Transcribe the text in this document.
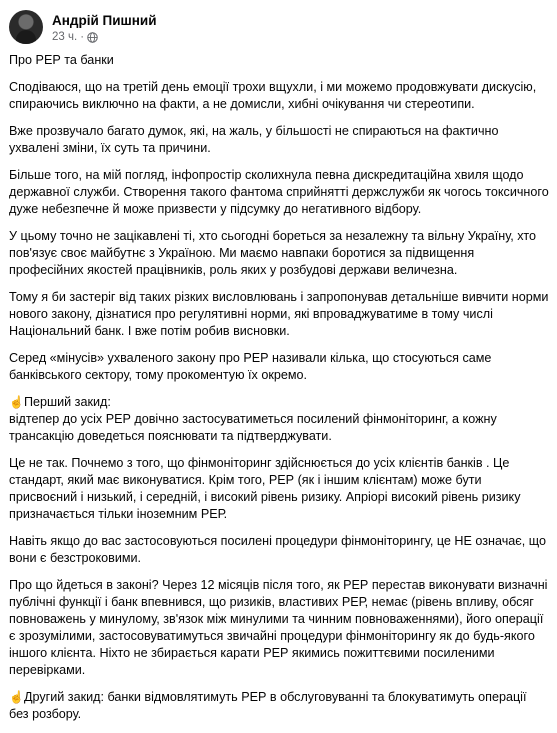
Андрій Пишний
23 ч. ·

Про РЕР та банки

Сподіваюся, що на третій день емоції трохи вщухли, і ми можемо продовжувати дискусію, спираючись виключно на факти, а не домисли, хибні очікування чи стереотипи.

Вже прозвучало багато думок, які, на жаль, у більшості не спираються на фактично ухвалені зміни, їх суть та причини.

Більше того, на мій погляд, інфопростір сколихнула певна дискредитаційна хвиля щодо державної служби. Створення такого фантома сприйнятті держслужби як чогось токсичного дуже небезпечне й може призвести у підсумку до негативного відбору.

У цьому точно не зацікавлені ті, хто сьогодні бореться за незалежну та вільну Україну, хто пов'язує своє майбутнє з Україною. Ми маємо навпаки боротися за підвищення професійних якостей працівників, роль яких у розбудові держави величезна.

Тому я би застеріг від таких різких висловлювань і запропонував детальніше вивчити норми нового закону, дізнатися про регулятивні норми, які впроваджуватиме в тому числі Національний банк. І вже потім робив висновки.

Серед «мінусів» ухваленого закону про РЕР називали кілька, що стосуються саме банківського сектору, тому прокоментую їх окремо.

☝Перший закид:
відтепер до усіх РЕР довічно застосуватиметься посилений фінмоніторинг, а кожну трансакцію доведеться пояснювати та підтверджувати.

Це не так. Почнемо з того, що фінмоніторинг здійснюється до усіх клієнтів банків . Це стандарт, який має виконуватися. Крім того, РЕР (як і іншим клієнтам) може бути присвоєний і низький, і середній, і високий рівень ризику. Апріорі високий рівень ризику призначається тільки іноземним РЕР.

Навіть якщо до вас застосовуються посилені процедури фінмоніторингу, це НЕ означає, що вони є безстроковими.

Про що йдеться в законі? Через 12 місяців після того, як РЕР перестав виконувати визначні публічні функції і банк впевнився, що ризиків, властивих РЕР, немає (рівень впливу, обсяг повноважень у минулому, зв'язок між минулими та чинним повноваженнями), його операції є зрозумілими, застосовуватимуться звичайні процедури фінмоніторингу як до будь-якого іншого клієнта. Ніхто не збирається карати РЕР якимись пожиттєвими посиленими перевірками.

☝Другий закид: банки відмовлятимуть РЕР в обслуговуванні та блокуватимуть операції без розбору.
